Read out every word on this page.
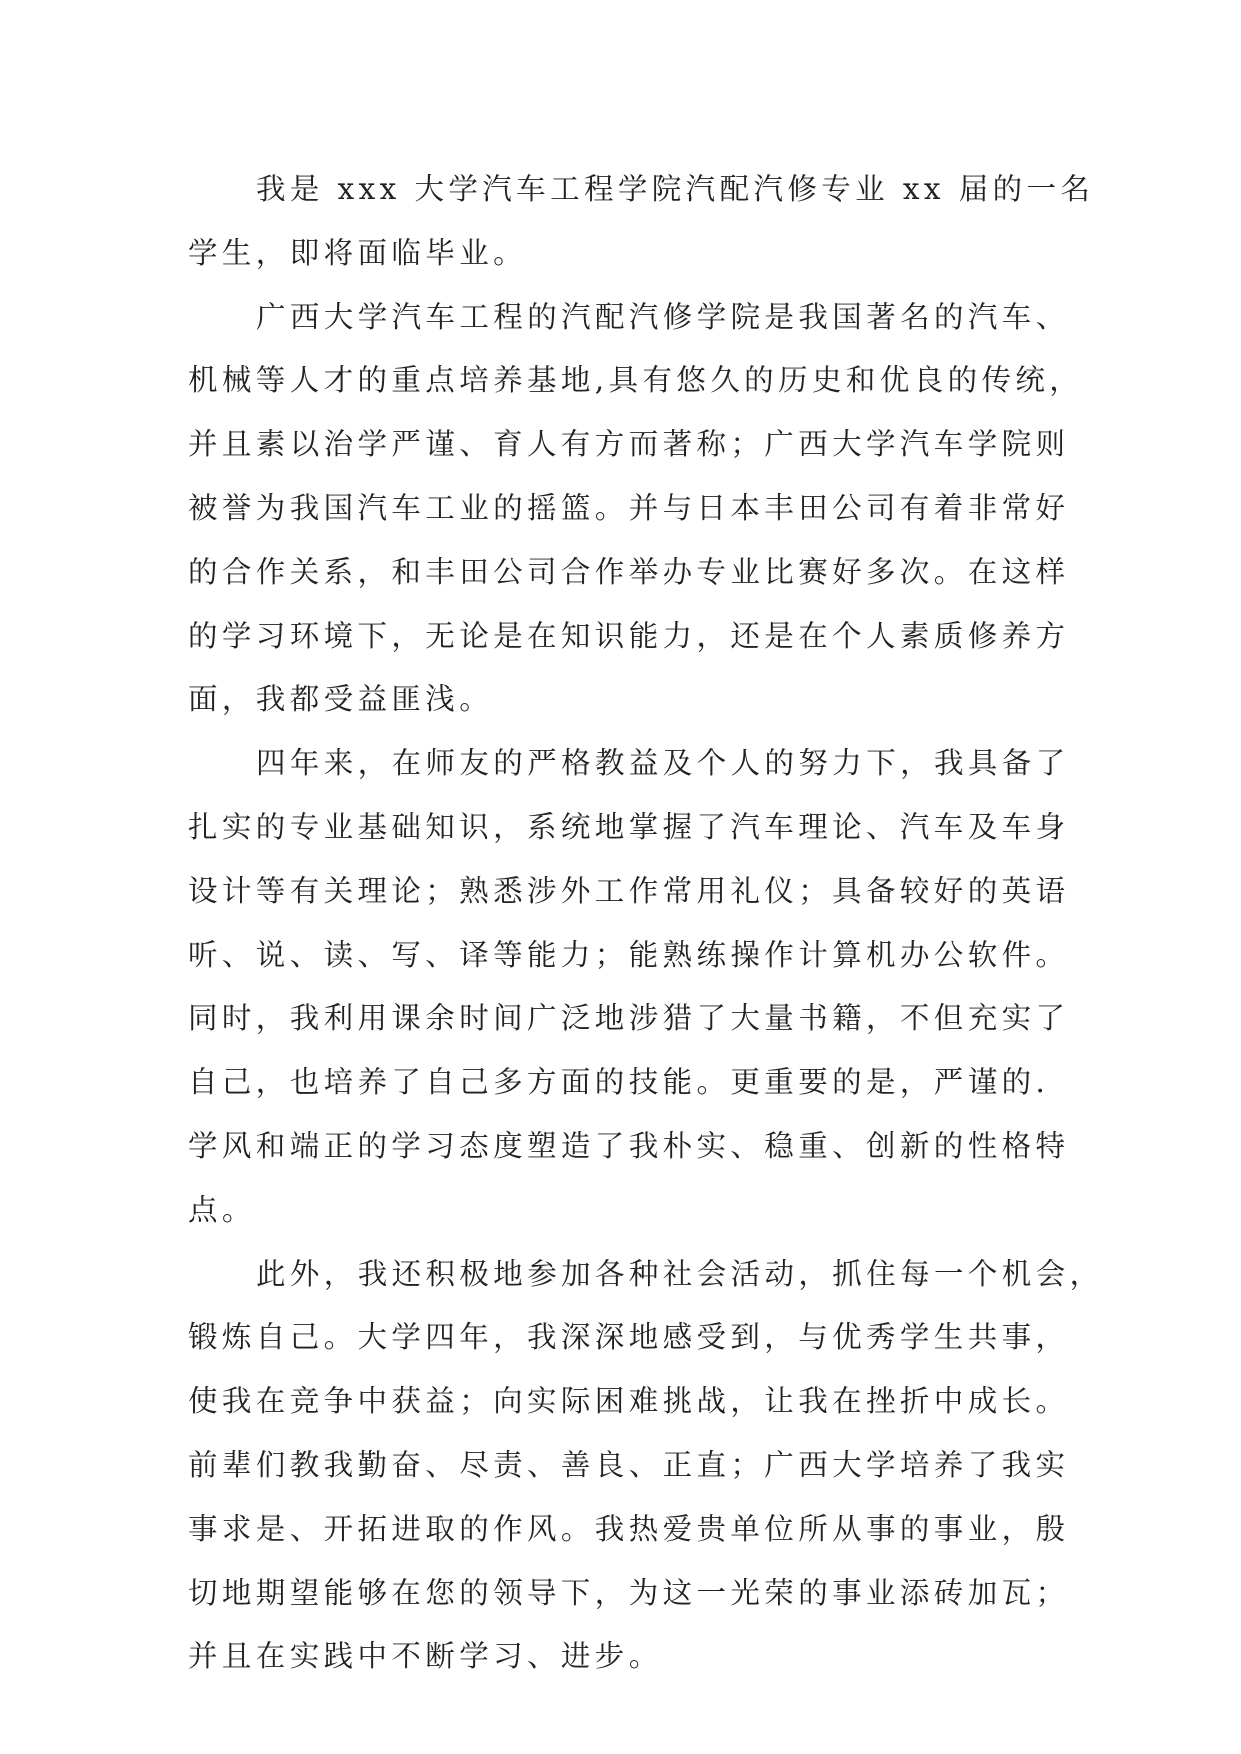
我是 xxx 大学汽车工程学院汽配汽修专业 xx 届的一名
学生，即将面临毕业。
广西大学汽车工程的汽配汽修学院是我国著名的汽车、
机械等人才的重点培养基地,具有悠久的历史和优良的传统，
并且素以治学严谨、育人有方而著称；广西大学汽车学院则
被誉为我国汽车工业的摇篮。并与日本丰田公司有着非常好
的合作关系，和丰田公司合作举办专业比赛好多次。在这样
的学习环境下，无论是在知识能力，还是在个人素质修养方
面，我都受益匪浅。
四年来，在师友的严格教益及个人的努力下，我具备了
扎实的专业基础知识，系统地掌握了汽车理论、汽车及车身
设计等有关理论；熟悉涉外工作常用礼仪；具备较好的英语
听、说、读、写、译等能力；能熟练操作计算机办公软件。
同时，我利用课余时间广泛地涉猎了大量书籍，不但充实了
自己，也培养了自己多方面的技能。更重要的是，严谨的.
学风和端正的学习态度塑造了我朴实、稳重、创新的性格特
点。
此外，我还积极地参加各种社会活动，抓住每一个机会，
锻炼自己。大学四年，我深深地感受到，与优秀学生共事，
使我在竞争中获益；向实际困难挑战，让我在挫折中成长。
前辈们教我勤奋、尽责、善良、正直；广西大学培养了我实
事求是、开拓进取的作风。我热爱贵单位所从事的事业，殷
切地期望能够在您的领导下，为这一光荣的事业添砖加瓦；
并且在实践中不断学习、进步。
